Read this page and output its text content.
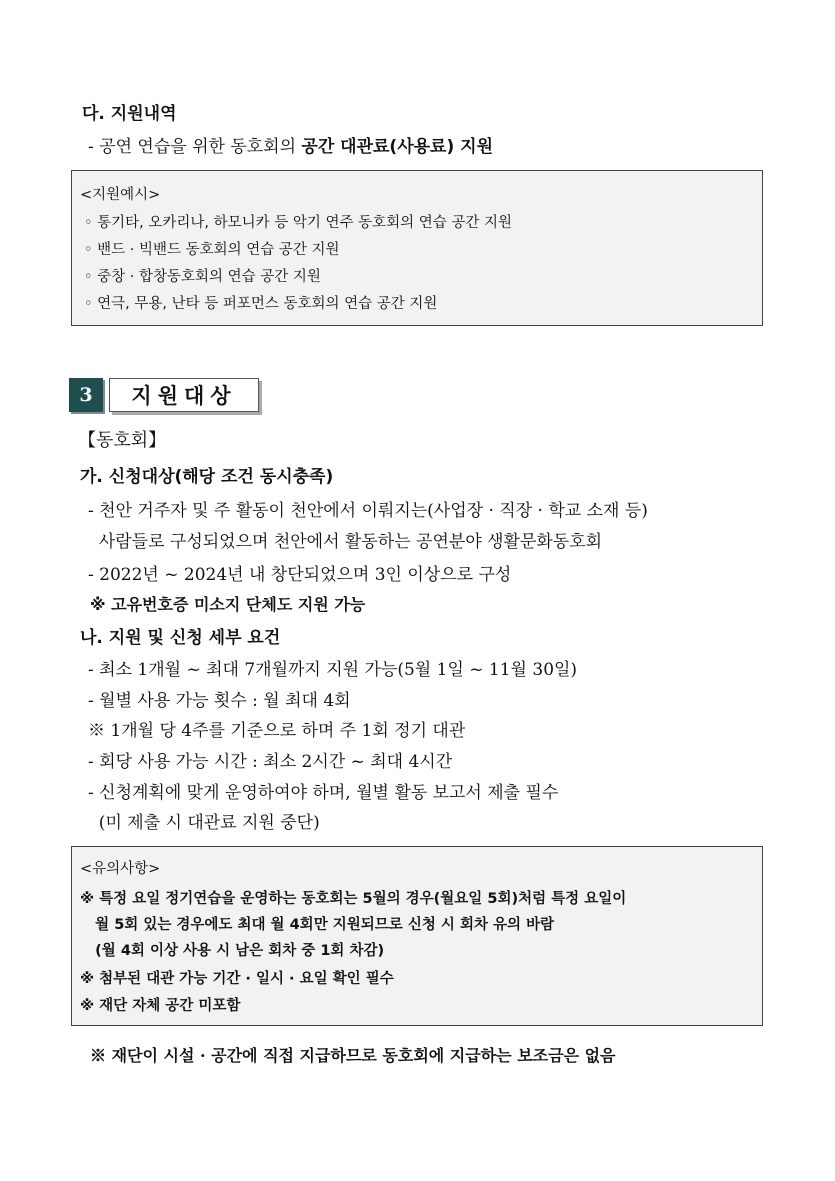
다. 지원내역
- 공연 연습을 위한 동호회의 공간 대관료(사용료) 지원
<지원예시>
◦ 통기타, 오카리나, 하모니카 등 악기 연주 동호회의 연습 공간 지원
◦ 밴드 · 빅밴드 동호회의 연습 공간 지원
◦ 중창 · 합창동호회의 연습 공간 지원
◦ 연극, 무용, 난타 등 퍼포먼스 동호회의 연습 공간 지원
3	지원대상
【동호회】
가. 신청대상(해당 조건 동시충족)
- 천안 거주자 및 주 활동이 천안에서 이뤄지는(사업장 · 직장 · 학교 소재 등)
사람들로 구성되었으며 천안에서 활동하는 공연분야 생활문화동호회
- 2022년 ~ 2024년 내 창단되었으며 3인 이상으로 구성
※ 고유번호증 미소지 단체도 지원 가능
나. 지원 및 신청 세부 요건
- 최소 1개월 ~ 최대 7개월까지 지원 가능(5월 1일 ~ 11월 30일)
- 월별 사용 가능 횟수 : 월 최대 4회
※ 1개월 당 4주를 기준으로 하며 주 1회 정기 대관
- 회당 사용 가능 시간 : 최소 2시간 ~ 최대 4시간
- 신청계획에 맞게 운영하여야 하며, 월별 활동 보고서 제출 필수
(미 제출 시 대관료 지원 중단)
<유의사항>
※ 특정 요일 정기연습을 운영하는 동호회는 5월의 경우(월요일 5회)처럼 특정 요일이
월 5회 있는 경우에도 최대 월 4회만 지원되므로 신청 시 회차 유의 바람
(월 4회 이상 사용 시 남은 회차 중 1회 차감)
※ 첨부된 대관 가능 기간 · 일시 · 요일 확인 필수
※ 재단 자체 공간 미포함
※ 재단이 시설 · 공간에 직접 지급하므로 동호회에 지급하는 보조금은 없음
